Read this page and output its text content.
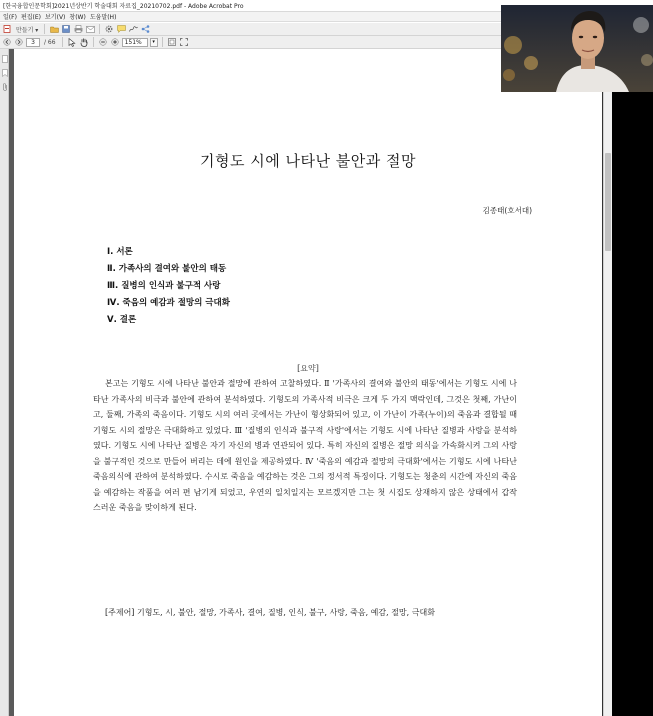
[한국융합인문학회]2021년상반기 학술대회 자료집_20210702.pdf - Adobe Acrobat Pro
일(F) 편집(E) 보기(V) 창(W) 도움말(H)
만들기 ▾
3	/ 66	151%	▾
기형도 시에 나타난 불안과 절망
김종태(호서대)
Ⅰ. 서론
Ⅱ. 가족사의 결여와 불안의 태동
Ⅲ. 질병의 인식과 불구적 사랑
Ⅳ. 죽음의 예감과 절망의 극대화
Ⅴ. 결론
[요약]
본고는 기형도 시에 나타난 불안과 절망에 관하여 고찰하였다. Ⅱ '가족사의 결여와 불안의 태동'에서는 기형도 시에 나타난 가족사의 비극과 불안에 관하여 분석하였다. 기형도의 가족사적 비극은 크게 두 가지 맥락인데, 그것은 첫째, 가난이고, 둘째, 가족의 죽음이다. 기형도 시의 여러 곳에서는 가난이 형상화되어 있고, 이 가난이 가족(누이)의 죽음과 결합될 때 기형도 시의 절망은 극대화하고 있었다. Ⅲ '질병의 인식과 불구적 사랑'에서는 기형도 시에 나타난 질병과 사랑을 분석하였다. 기형도 시에 나타난 질병은 자기 자신의 병과 연관되어 있다. 특히 자신의 질병은 절망 의식을 가속화시켜 그의 사랑을 불구적인 것으로 만들어 버리는 데에 원인을 제공하였다. Ⅳ '죽음의 예감과 절망의 극대화'에서는 기형도 시에 나타난 죽음의식에 관하여 분석하였다. 수시로 죽음을 예감하는 것은 그의 정서적 특징이다. 기형도는 청춘의 시간에 자신의 죽음을 예감하는 작품을 여러 편 남기게 되었고, 우연의 일치일지는 모르겠지만 그는 첫 시집도 상재하지 않은 상태에서 갑작스러운 죽음을 맞이하게 된다.
[주제어] 기형도, 시, 불안, 절망, 가족사, 결여, 질병, 인식, 불구, 사랑, 죽음, 예감, 절망, 극대화
